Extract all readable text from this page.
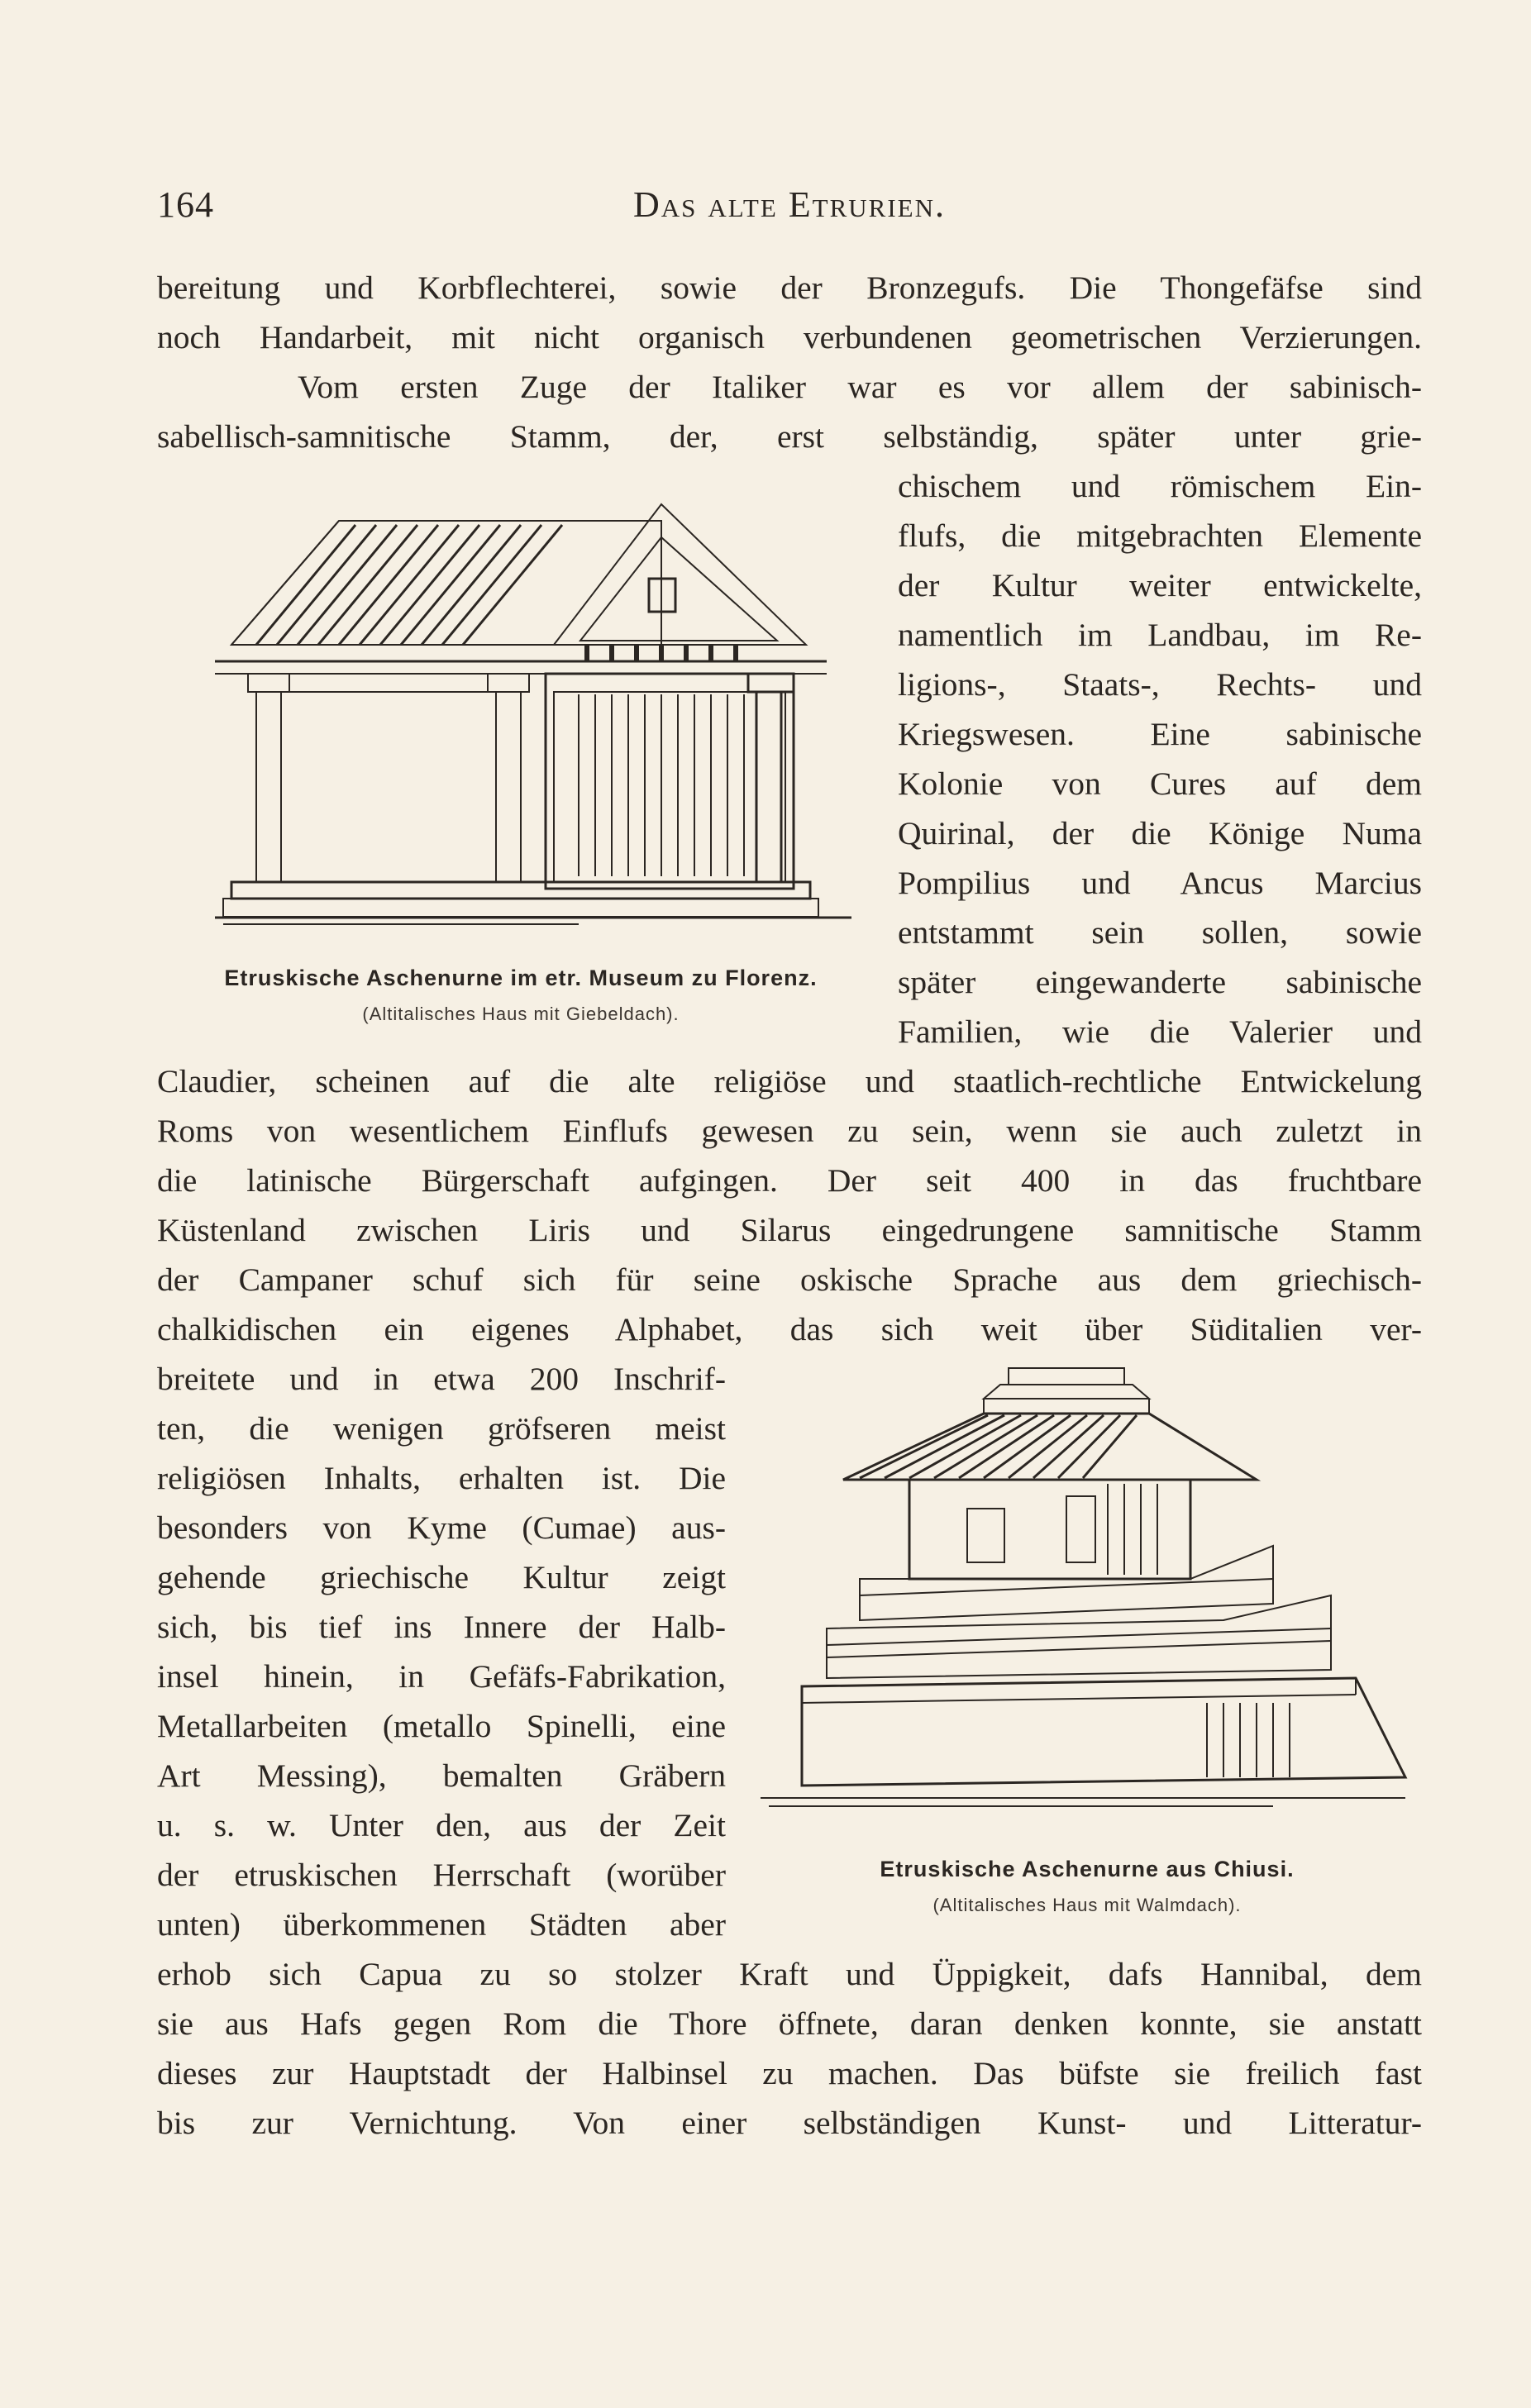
164	Das alte Etrurien.
bereitung und Korbflechterei, sowie der Bronzegufs. Die Thongefäfse sind
noch Handarbeit, mit nicht organisch verbundenen geometrischen Verzierungen.
Vom ersten Zuge der Italiker war es vor allem der sabinisch-
sabellisch-samnitische Stamm, der, erst selbständig, später unter grie-
chischem und römischem Ein-
flufs, die mitgebrachten Elemente
der Kultur weiter entwickelte,
namentlich im Landbau, im Re-
ligions-, Staats-, Rechts- und
Kriegswesen. Eine sabinische
Kolonie von Cures auf dem
Quirinal, der die Könige Numa
Pompilius und Ancus Marcius
entstammt sein sollen, sowie
später eingewanderte sabinische
Familien, wie die Valerier und
Claudier, scheinen auf die alte religiöse und staatlich-rechtliche Entwickelung
Roms von wesentlichem Einflufs gewesen zu sein, wenn sie auch zuletzt in
die latinische Bürgerschaft aufgingen. Der seit 400 in das fruchtbare
Küstenland zwischen Liris und Silarus eingedrungene samnitische Stamm
der Campaner schuf sich für seine oskische Sprache aus dem griechisch-
chalkidischen ein eigenes Alphabet, das sich weit über Süditalien ver-
breitete und in etwa 200 Inschrif-
ten, die wenigen gröfseren meist
religiösen Inhalts, erhalten ist. Die
besonders von Kyme (Cumae) aus-
gehende griechische Kultur zeigt
sich, bis tief ins Innere der Halb-
insel hinein, in Gefäfs-Fabrikation,
Metallarbeiten (metallo Spinelli, eine
Art Messing), bemalten Gräbern
u. s. w. Unter den, aus der Zeit
der etruskischen Herrschaft (worüber
unten) überkommenen Städten aber
erhob sich Capua zu so stolzer Kraft und Üppigkeit, dafs Hannibal, dem
sie aus Hafs gegen Rom die Thore öffnete, daran denken konnte, sie anstatt
dieses zur Hauptstadt der Halbinsel zu machen. Das büfste sie freilich fast
bis zur Vernichtung. Von einer selbständigen Kunst- und Litteratur-
Etruskische Aschenurne im etr. Museum zu Florenz.
(Altitalisches Haus mit Giebeldach).
Etruskische Aschenurne aus Chiusi.
(Altitalisches Haus mit Walmdach).
